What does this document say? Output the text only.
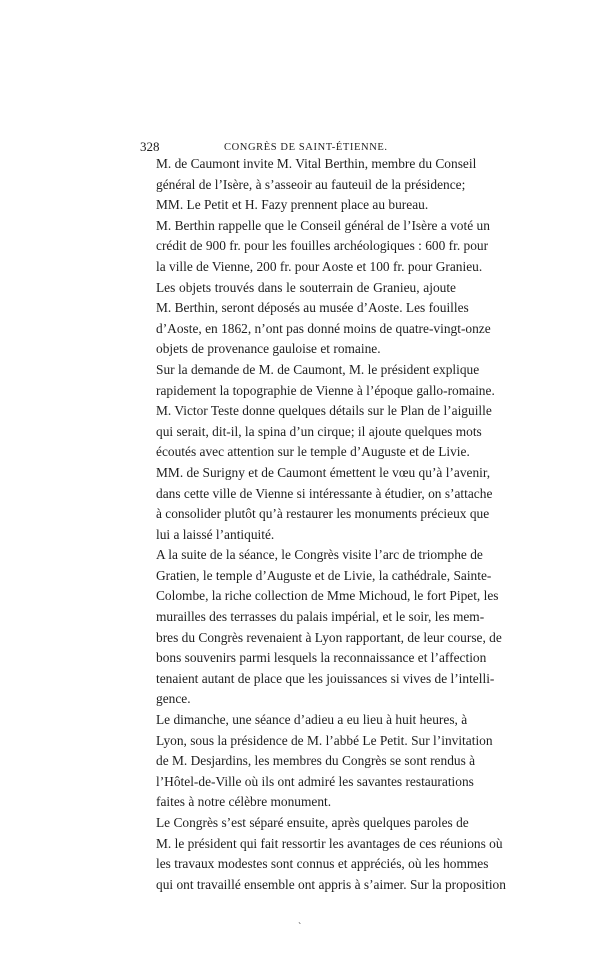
328	CONGRÈS DE SAINT-ÉTIENNE.

M. de Caumont invite M. Vital Berthin, membre du Conseil
général de l’Isère, à s’asseoir au fauteuil de la présidence;
MM. Le Petit et H. Fazy prennent place au bureau.

M. Berthin rappelle que le Conseil général de l’Isère a voté un
crédit de 900 fr. pour les fouilles archéologiques : 600 fr. pour
la ville de Vienne, 200 fr. pour Aoste et 100 fr. pour Granieu.
Les objets trouvés dans le souterrain de Granieu, ajoute
M. Berthin, seront déposés au musée d’Aoste. Les fouilles
d’Aoste, en 1862, n’ont pas donné moins de quatre-vingt-onze
objets de provenance gauloise et romaine.

Sur la demande de M. de Caumont, M. le président explique
rapidement la topographie de Vienne à l’époque gallo-romaine.
M. Victor Teste donne quelques détails sur le Plan de l’aiguille
qui serait, dit-il, la spina d’un cirque; il ajoute quelques mots
écoutés avec attention sur le temple d’Auguste et de Livie.

MM. de Surigny et de Caumont émettent le vœu qu’à l’avenir,
dans cette ville de Vienne si intéressante à étudier, on s’attache
à consolider plutôt qu’à restaurer les monuments précieux que
lui a laissé l’antiquité.

A la suite de la séance, le Congrès visite l’arc de triomphe de
Gratien, le temple d’Auguste et de Livie, la cathédrale, Sainte-
Colombe, la riche collection de Mme Michoud, le fort Pipet, les
murailles des terrasses du palais impérial, et le soir, les mem-
bres du Congrès revenaient à Lyon rapportant, de leur course, de
bons souvenirs parmi lesquels la reconnaissance et l’affection
tenaient autant de place que les jouissances si vives de l’intelli-
gence.

Le dimanche, une séance d’adieu a eu lieu à huit heures, à
Lyon, sous la présidence de M. l’abbé Le Petit. Sur l’invitation
de M. Desjardins, les membres du Congrès se sont rendus à
l’Hôtel-de-Ville où ils ont admiré les savantes restaurations
faites à notre célèbre monument.

Le Congrès s’est séparé ensuite, après quelques paroles de
M. le président qui fait ressortir les avantages de ces réunions où
les travaux modestes sont connus et appréciés, où les hommes
qui ont travaillé ensemble ont appris à s’aimer. Sur la proposition

ˋ
